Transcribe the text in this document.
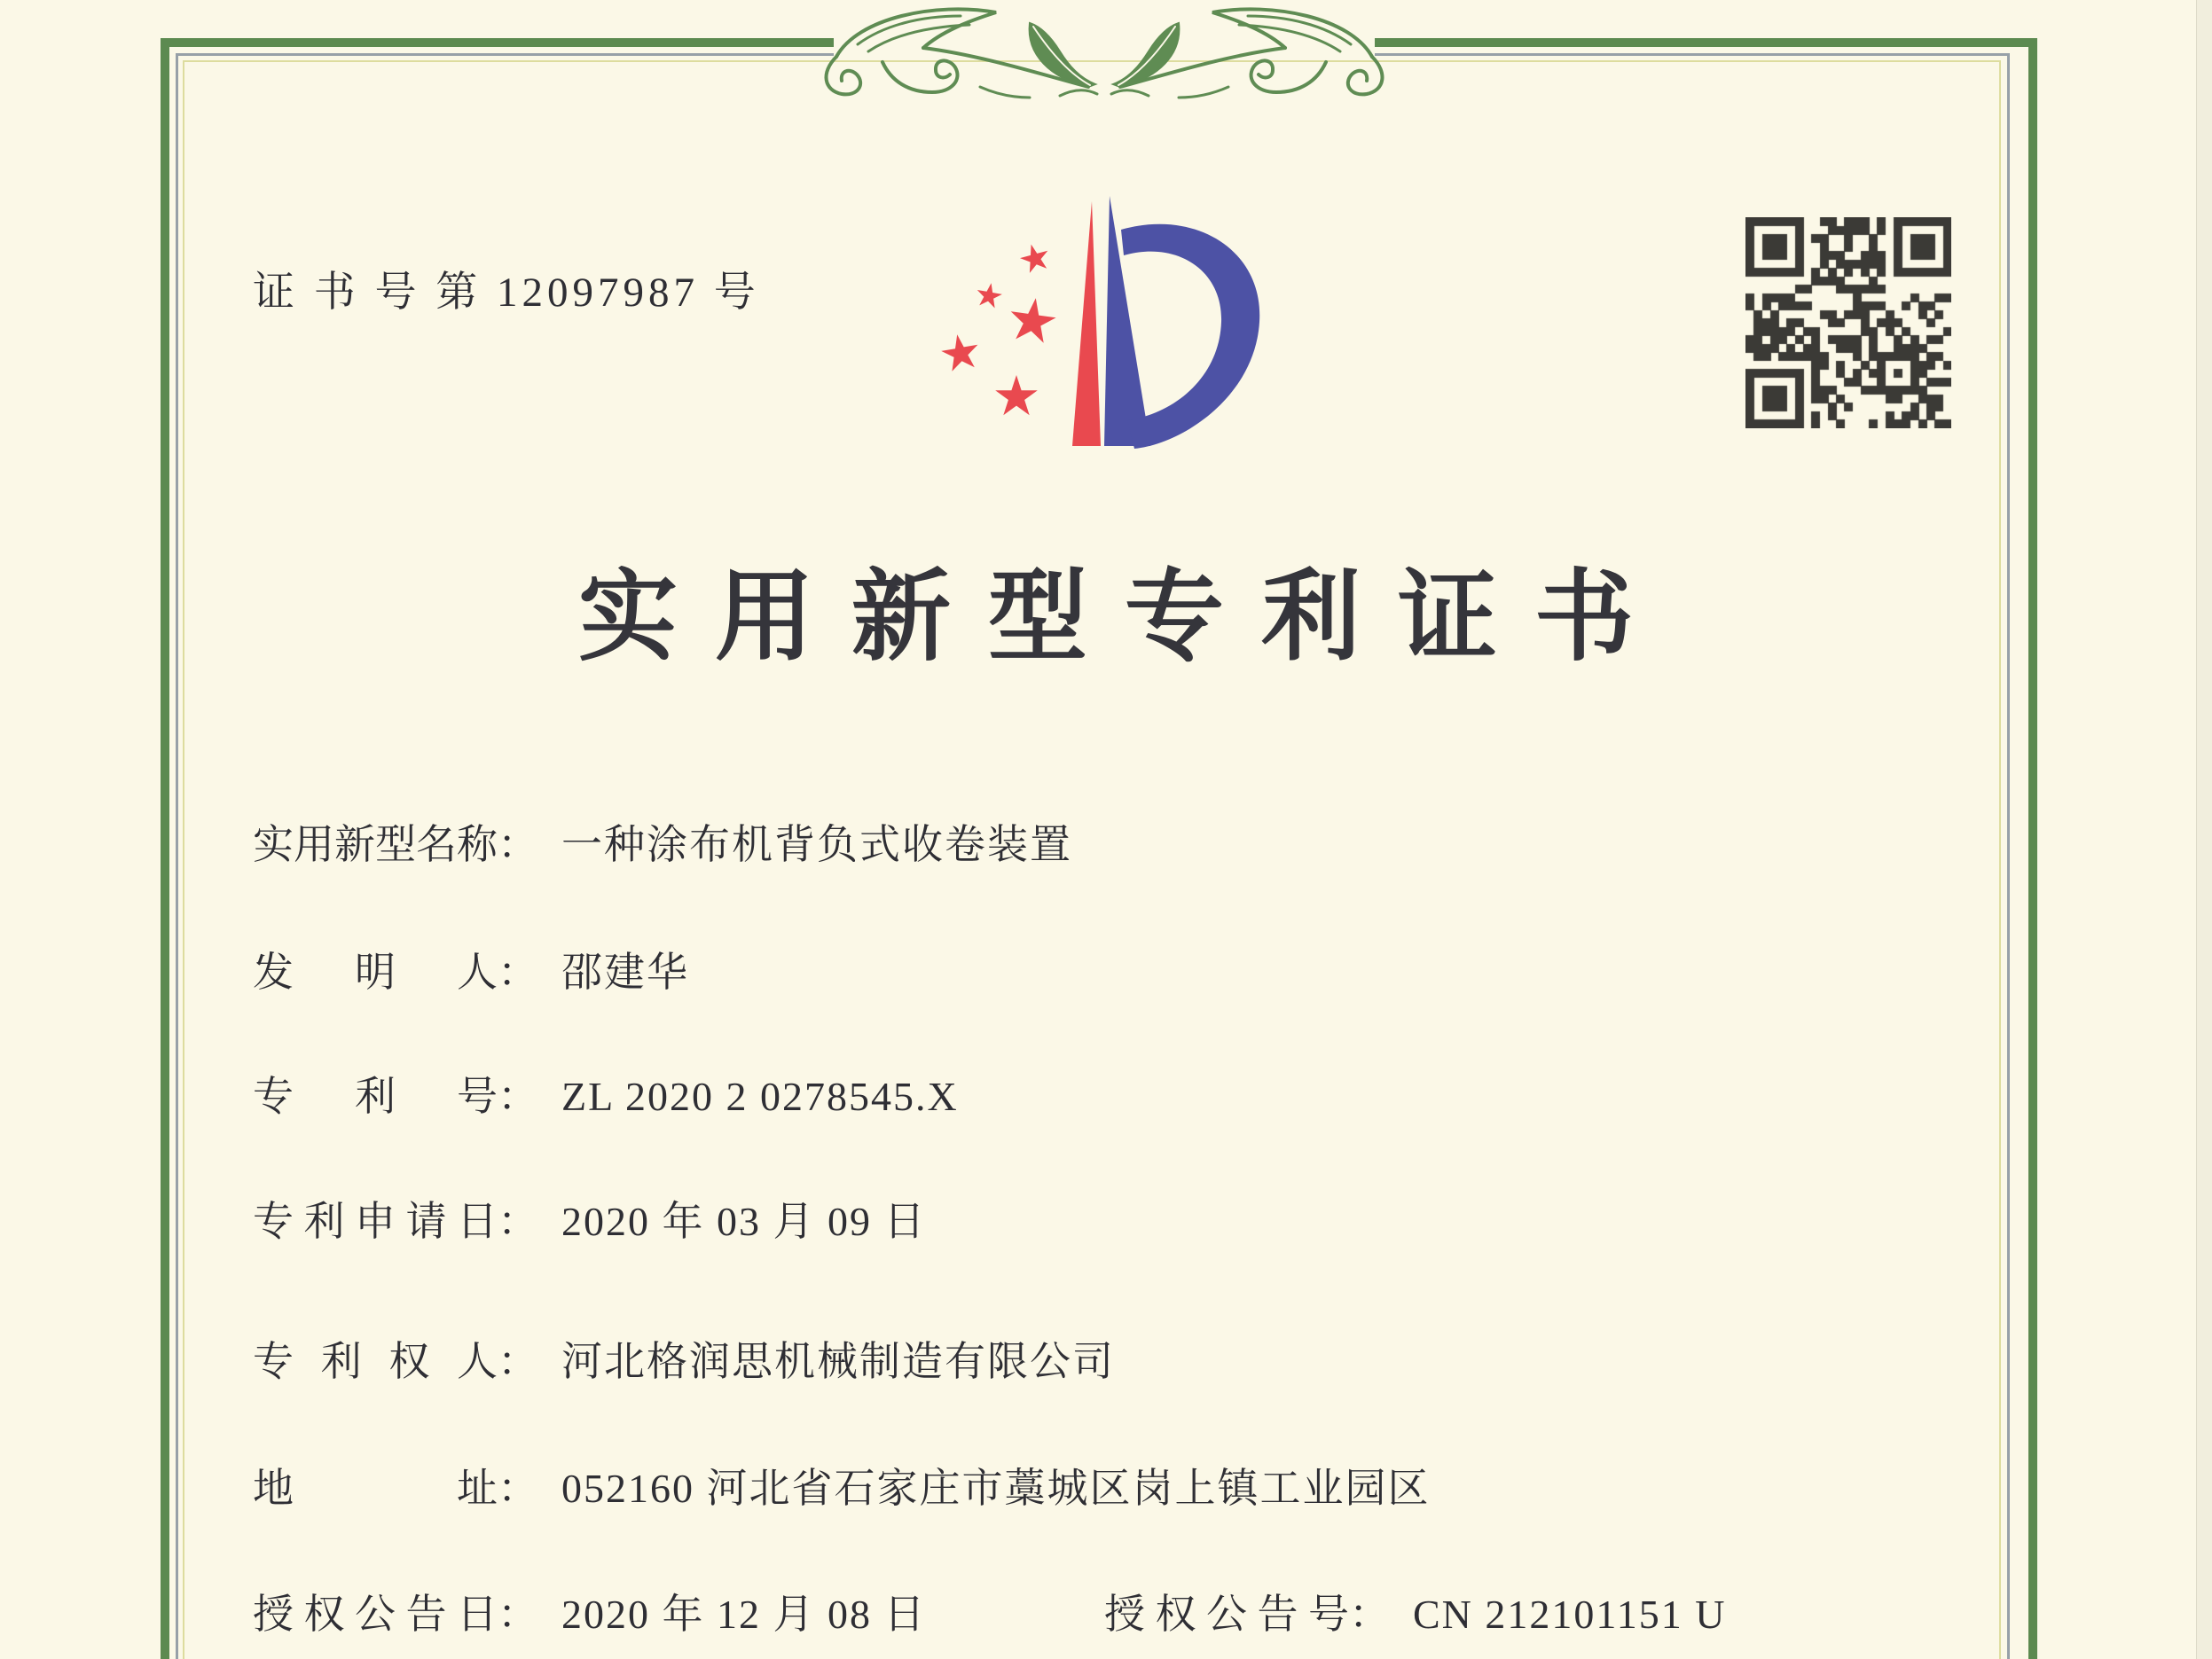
证 书 号 第 12097987 号
实用新型专利证书
实用新型名称： 一种涂布机背负式收卷装置
发明人： 邵建华
专利号： ZL 2020 2 0278545.X
专利申请日： 2020 年 03 月 09 日
专利权人： 河北格润思机械制造有限公司
地址： 052160 河北省石家庄市藁城区岗上镇工业园区
授权公告日： 2020 年 12 月 08 日	授权公告号： CN 212101151 U
